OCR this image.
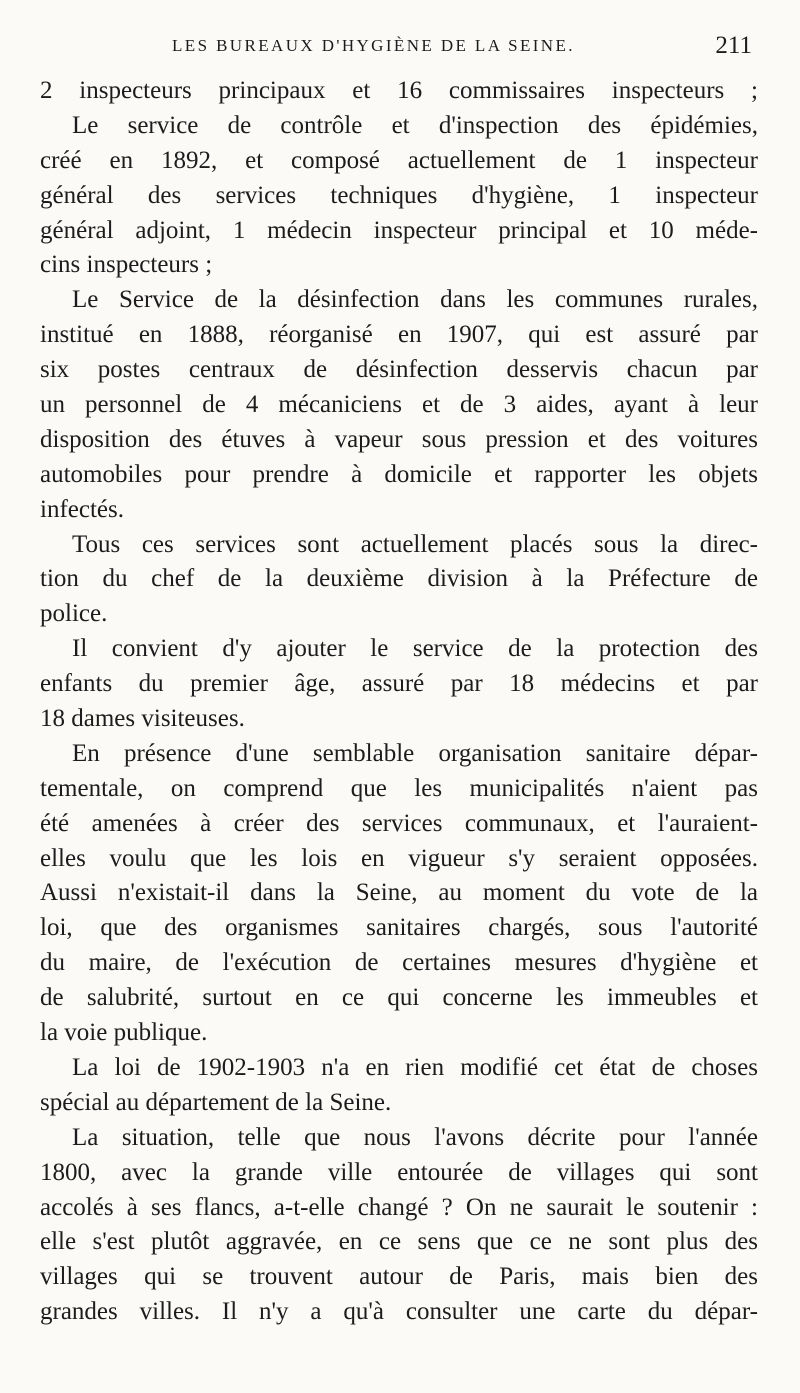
LES BUREAUX D'HYGIÈNE DE LA SEINE.	211
2 inspecteurs principaux et 16 commissaires inspecteurs ;
Le service de contrôle et d'inspection des épidémies,
créé en 1892, et composé actuellement de 1 inspecteur
général des services techniques d'hygiène, 1 inspecteur
général adjoint, 1 médecin inspecteur principal et 10 méde-
cins inspecteurs ;
Le Service de la désinfection dans les communes rurales,
institué en 1888, réorganisé en 1907, qui est assuré par
six postes centraux de désinfection desservis chacun par
un personnel de 4 mécaniciens et de 3 aides, ayant à leur
disposition des étuves à vapeur sous pression et des voitures
automobiles pour prendre à domicile et rapporter les objets
infectés.
Tous ces services sont actuellement placés sous la direc-
tion du chef de la deuxième division à la Préfecture de
police.
Il convient d'y ajouter le service de la protection des
enfants du premier âge, assuré par 18 médecins et par
18 dames visiteuses.
En présence d'une semblable organisation sanitaire dépar-
tementale, on comprend que les municipalités n'aient pas
été amenées à créer des services communaux, et l'auraient-
elles voulu que les lois en vigueur s'y seraient opposées.
Aussi n'existait-il dans la Seine, au moment du vote de la
loi, que des organismes sanitaires chargés, sous l'autorité
du maire, de l'exécution de certaines mesures d'hygiène et
de salubrité, surtout en ce qui concerne les immeubles et
la voie publique.
La loi de 1902-1903 n'a en rien modifié cet état de choses
spécial au département de la Seine.
La situation, telle que nous l'avons décrite pour l'année
1800, avec la grande ville entourée de villages qui sont
accolés à ses flancs, a-t-elle changé ? On ne saurait le soutenir :
elle s'est plutôt aggravée, en ce sens que ce ne sont plus des
villages qui se trouvent autour de Paris, mais bien des
grandes villes. Il n'y a qu'à consulter une carte du dépar-
